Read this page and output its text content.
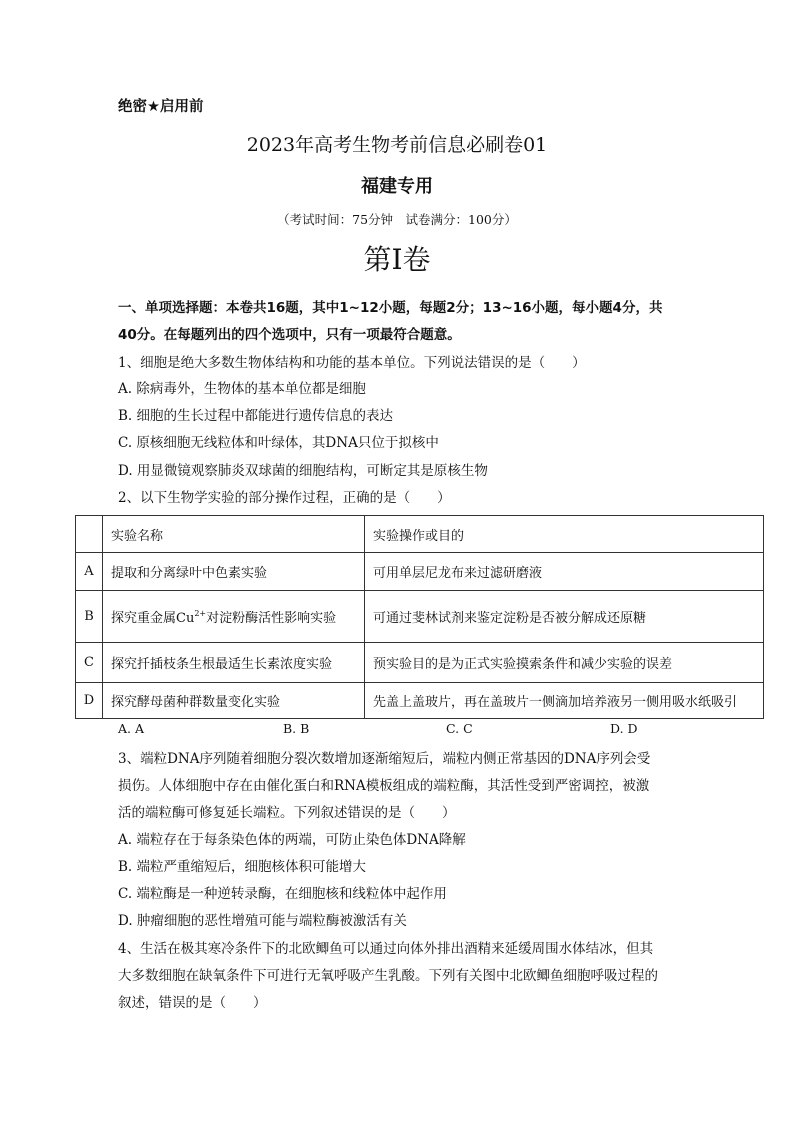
绝密★启用前
2023年高考生物考前信息必刷卷01
福建专用
（考试时间：75分钟　试卷满分：100分）
第I卷
一、单项选择题：本卷共16题，其中1~12小题，每题2分；13~16小题，每小题4分，共
40分。在每题列出的四个选项中，只有一项最符合题意。
1、细胞是绝大多数生物体结构和功能的基本单位。下列说法错误的是（　　）
A. 除病毒外，生物体的基本单位都是细胞
B. 细胞的生长过程中都能进行遗传信息的表达
C. 原核细胞无线粒体和叶绿体，其DNA只位于拟核中
D. 用显微镜观察肺炎双球菌的细胞结构，可断定其是原核生物
2、以下生物学实验的部分操作过程，正确的是（　　）
	实验名称	实验操作或目的
A	提取和分离绿叶中色素实验	可用单层尼龙布来过滤研磨液
B	探究重金属$Cu^{2+}$对淀粉酶活性影响实验	可通过斐林试剂来鉴定淀粉是否被分解成还原糖
C	探究扦插枝条生根最适生长素浓度实验	预实验目的是为正式实验摸索条件和减少实验的误差
D	探究酵母菌种群数量变化实验	先盖上盖玻片，再在盖玻片一侧滴加培养液另一侧用吸水纸吸引
A. A	B. B	C. C	D. D
3、端粒DNA序列随着细胞分裂次数增加逐渐缩短后，端粒内侧正常基因的DNA序列会受
损伤。人体细胞中存在由催化蛋白和RNA模板组成的端粒酶，其活性受到严密调控，被激
活的端粒酶可修复延长端粒。下列叙述错误的是（　　）
A. 端粒存在于每条染色体的两端，可防止染色体DNA降解
B. 端粒严重缩短后，细胞核体积可能增大
C. 端粒酶是一种逆转录酶，在细胞核和线粒体中起作用
D. 肿瘤细胞的恶性增殖可能与端粒酶被激活有关
4、生活在极其寒冷条件下的北欧鲫鱼可以通过向体外排出酒精来延缓周围水体结冰，但其
大多数细胞在缺氧条件下可进行无氧呼吸产生乳酸。下列有关图中北欧鲫鱼细胞呼吸过程的
叙述，错误的是（　　）
